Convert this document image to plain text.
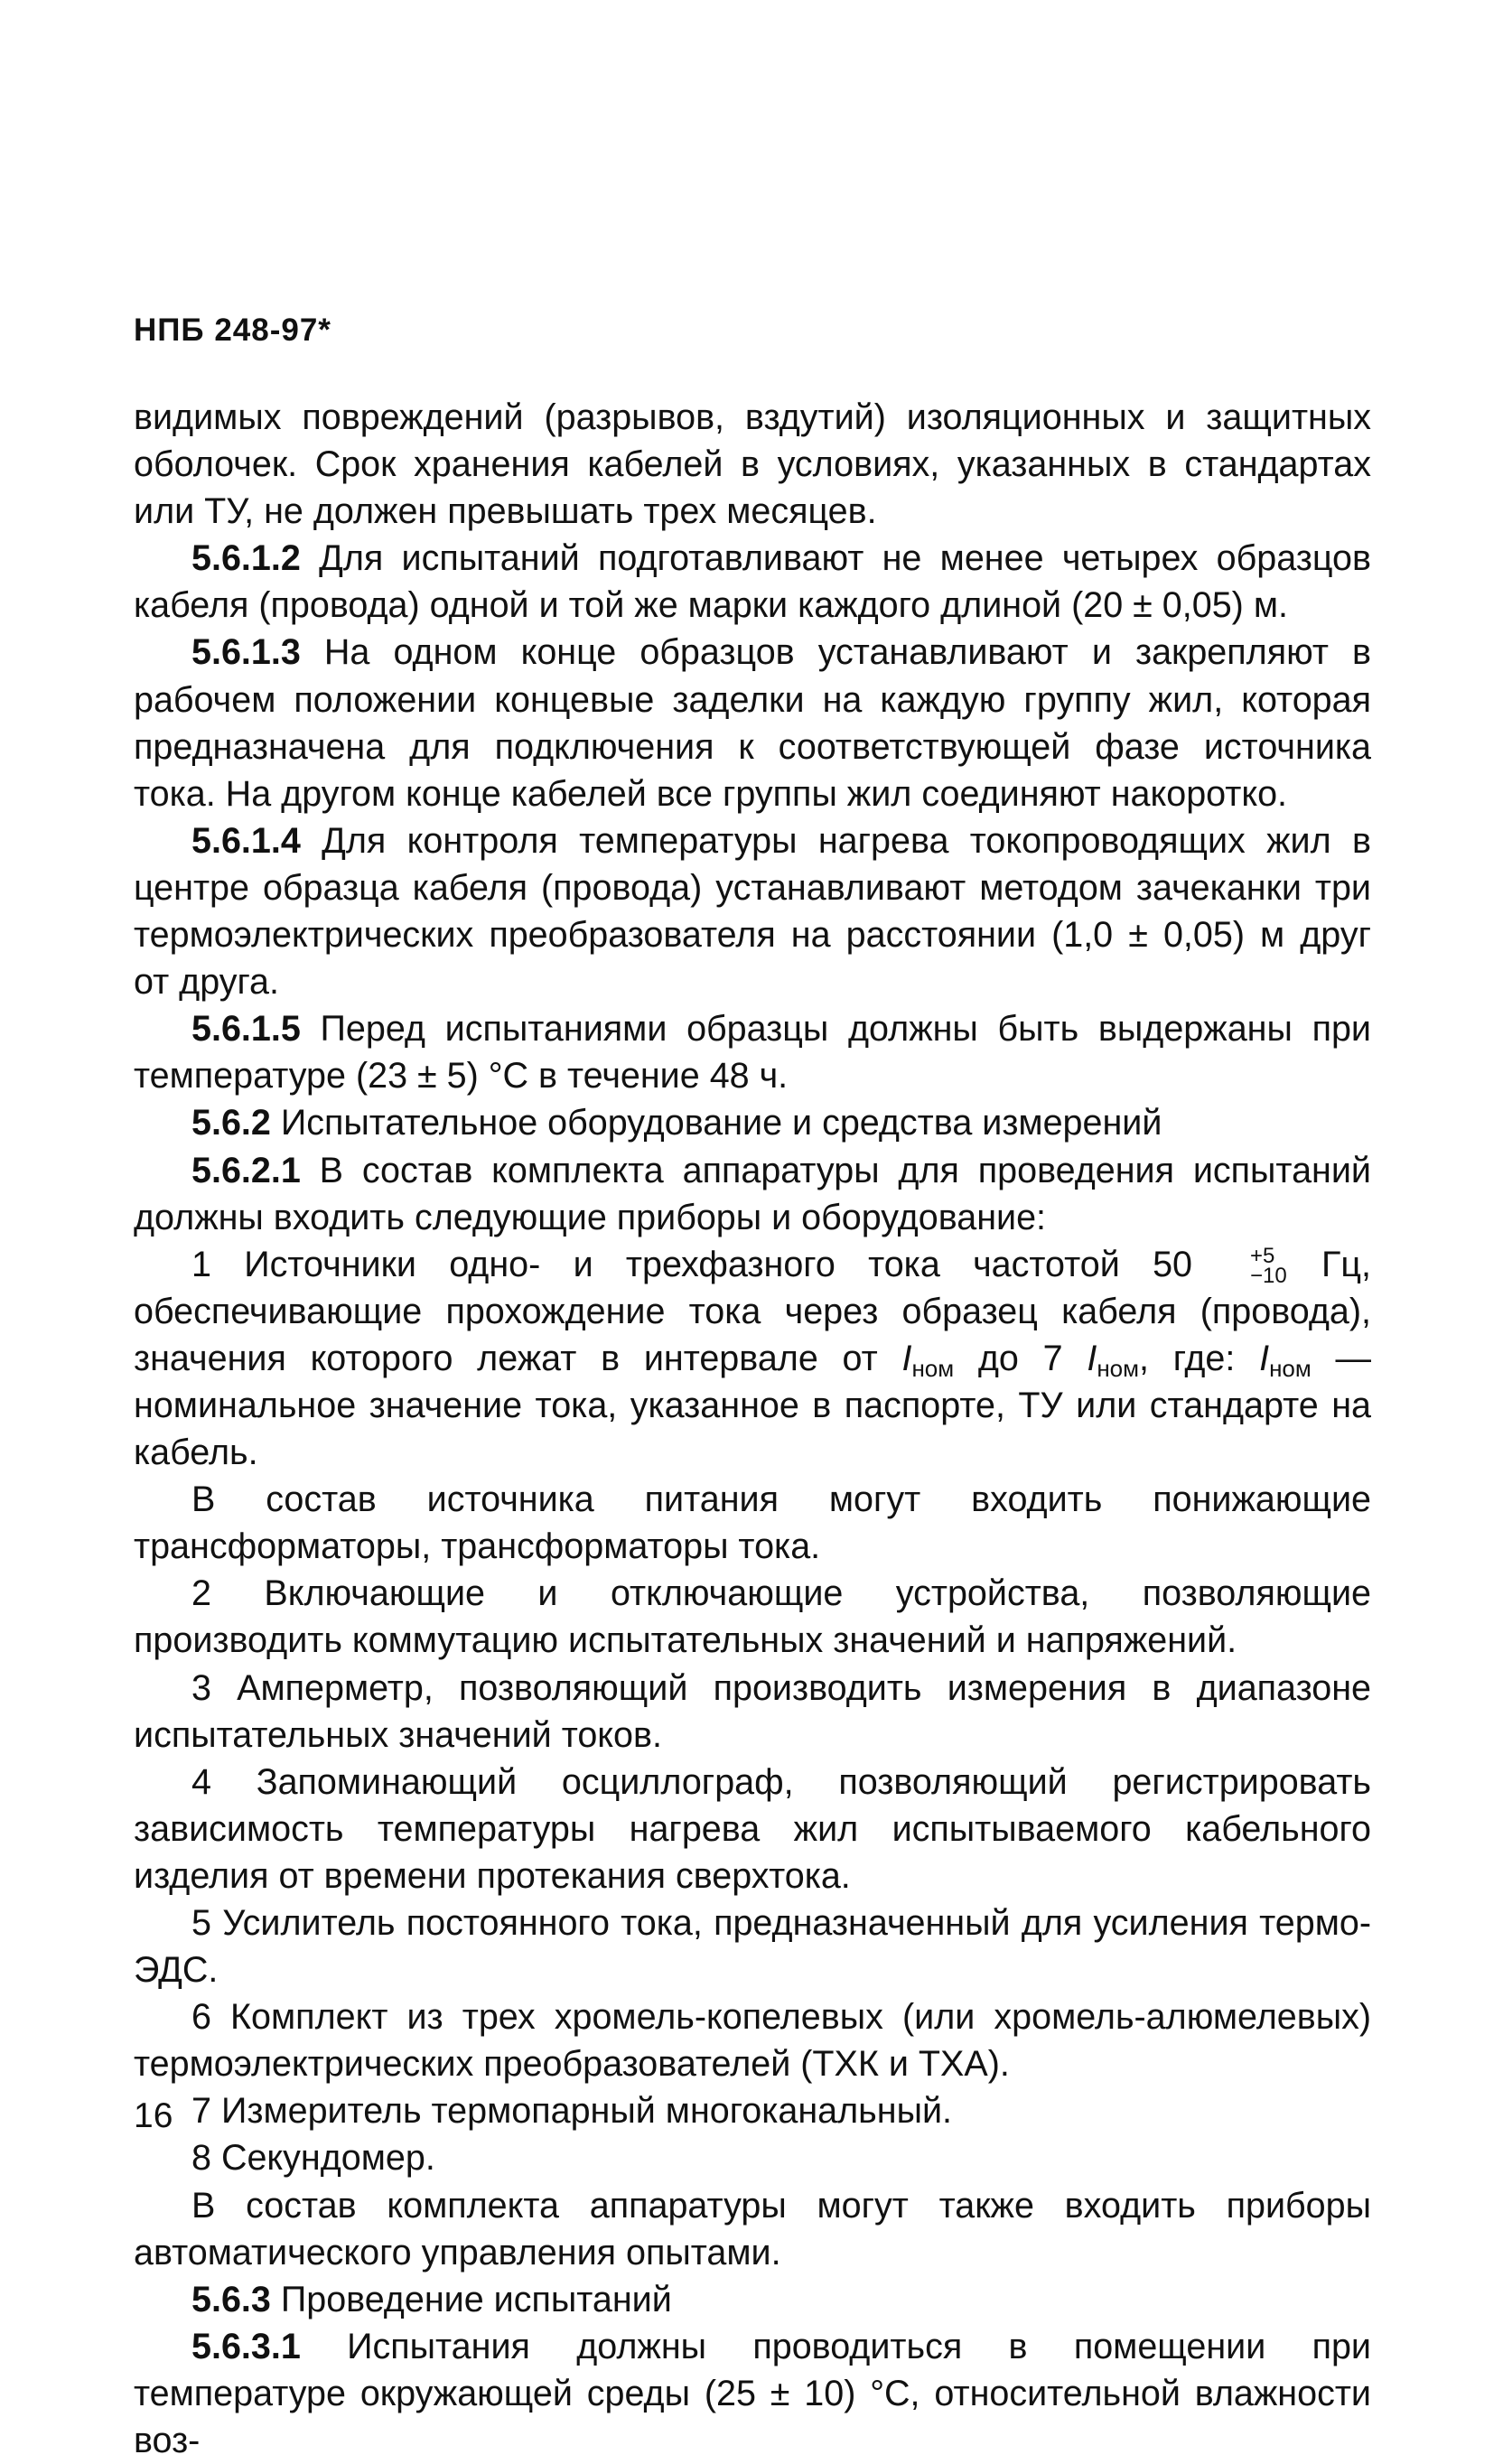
НПБ 248-97*

видимых повреждений (разрывов, вздутий) изоляционных и защитных оболочек. Срок хранения кабелей в условиях, указанных в стандартах или ТУ, не должен превышать трех месяцев.

5.6.1.2 Для испытаний подготавливают не менее четырех образцов кабеля (провода) одной и той же марки каждого длиной (20 ± 0,05) м.

5.6.1.3 На одном конце образцов устанавливают и закрепляют в рабочем положении концевые заделки на каждую группу жил, которая предназначена для подключения к соответствующей фазе источника тока. На другом конце кабелей все группы жил соединяют накоротко.

5.6.1.4 Для контроля температуры нагрева токопроводящих жил в центре образца кабеля (провода) устанавливают методом зачеканки три термоэлектрических преобразователя на расстоянии (1,0 ± 0,05) м друг от друга.

5.6.1.5 Перед испытаниями образцы должны быть выдержаны при температуре (23 ± 5) °С в течение 48 ч.

5.6.2 Испытательное оборудование и средства измерений

5.6.2.1 В состав комплекта аппаратуры для проведения испытаний должны входить следующие приборы и оборудование:

1 Источники одно- и трехфазного тока частотой 50	+5
−10 Гц, обеспечивающие прохождение тока через образец кабеля (провода), значения которого лежат в интервале от $I_{ном}$ до 7 $I_{ном}$, где: $I_{ном}$ — номинальное значение тока, указанное в паспорте, ТУ или стандарте на кабель.

В состав источника питания могут входить понижающие трансформаторы, трансформаторы тока.

2 Включающие и отключающие устройства, позволяющие производить коммутацию испытательных значений и напряжений.

3 Амперметр, позволяющий производить измерения в диапазоне испытательных значений токов.

4 Запоминающий осциллограф, позволяющий регистрировать зависимость температуры нагрева жил испытываемого кабельного изделия от времени протекания сверхтока.

5 Усилитель постоянного тока, предназначенный для усиления термо-ЭДС.

6 Комплект из трех хромель-копелевых (или хромель-алюмелевых) термоэлектрических преобразователей (ТХК и ТХА).

7 Измеритель термопарный многоканальный.

8 Секундомер.

В состав комплекта аппаратуры могут также входить приборы автоматического управления опытами.

5.6.3 Проведение испытаний

5.6.3.1 Испытания должны проводиться в помещении при температуре окружающей среды (25 ± 10) °С, относительной влажности воз-

16
